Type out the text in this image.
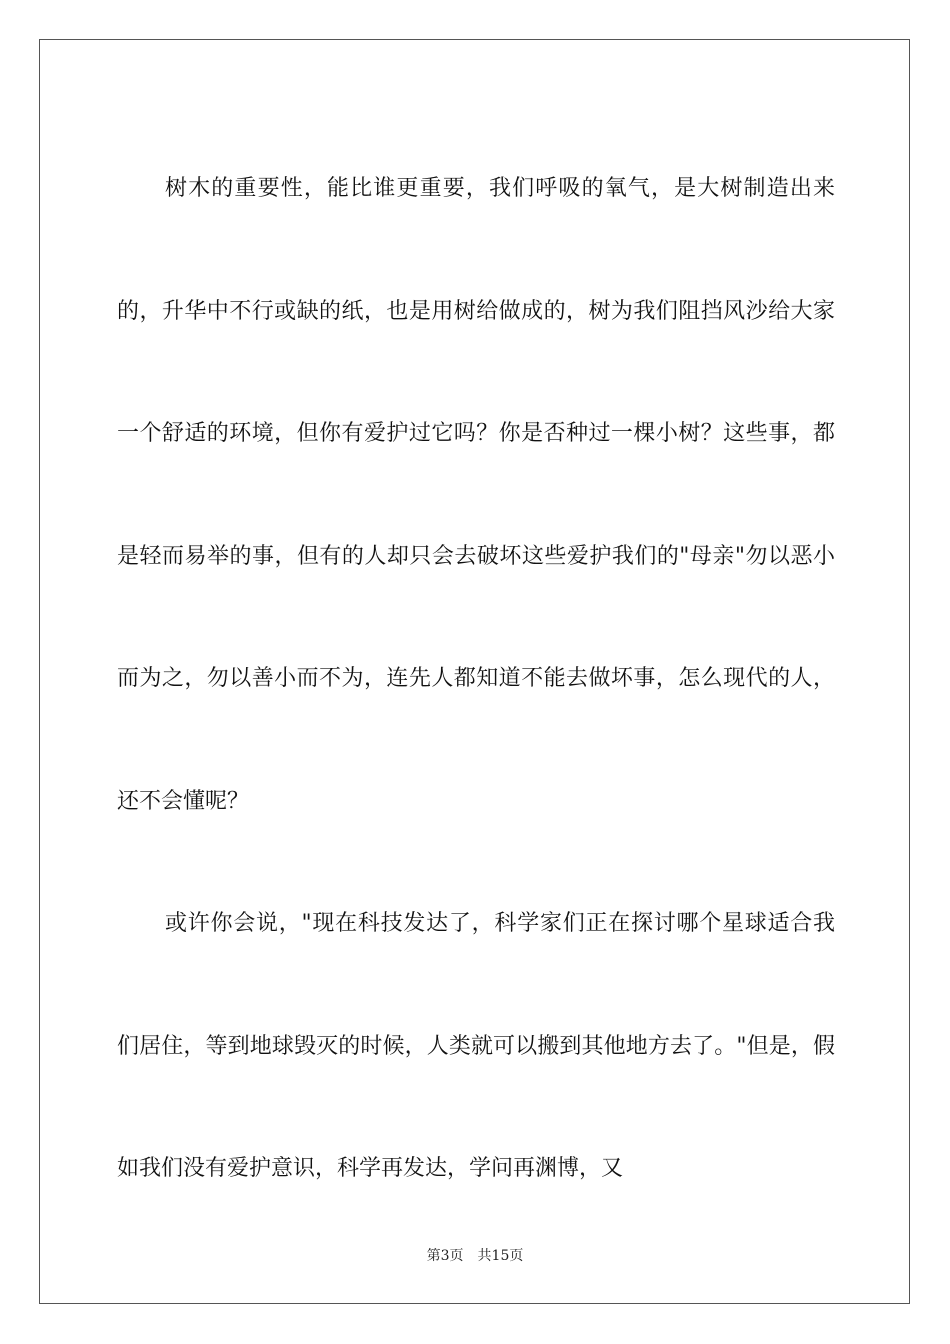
树木的重要性，能比谁更重要，我们呼吸的氧气，是大树制造出来的，升华中不行或缺的纸，也是用树给做成的，树为我们阻挡风沙给大家一个舒适的环境，但你有爱护过它吗？你是否种过一棵小树？这些事，都是轻而易举的事，但有的人却只会去破坏这些爱护我们的"母亲"勿以恶小而为之，勿以善小而不为，连先人都知道不能去做坏事，怎么现代的人，还不会懂呢？

或许你会说，"现在科技发达了，科学家们正在探讨哪个星球适合我们居住，等到地球毁灭的时候，人类就可以搬到其他地方去了。"但是，假如我们没有爱护意识，科学再发达，学问再渊博，又

第3页 共15页
